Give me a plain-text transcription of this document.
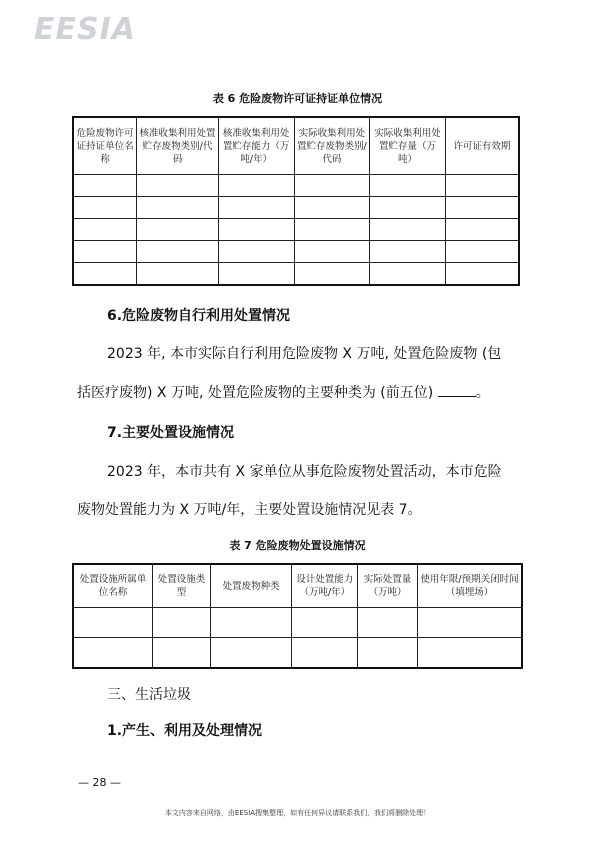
EESIA
表 6 危险废物许可证持证单位情况
危险废物许可证持证单位名称	核准收集利用处置贮存废物类别/代码	核准收集利用处置贮存能力（万吨/年）	实际收集利用处置贮存废物类别/代码	实际收集利用处置贮存量（万吨）	许可证有效期

6.危险废物自行利用处置情况
2023 年, 本市实际自行利用危险废物 X 万吨, 处置危险废物 (包
括医疗废物) X 万吨, 处置危险废物的主要种类为 (前五位)	。
7.主要处置设施情况
2023 年，本市共有 X 家单位从事危险废物处置活动，本市危险
废物处置能力为 X 万吨/年，主要处置设施情况见表 7。
表 7 危险废物处置设施情况
处置设施所属单位名称	处置设施类型	处置废物种类	设计处置能力（万吨/年）	实际处置量（万吨）	使用年限/预期关闭时间（填埋场）

三、生活垃圾
1.产生、利用及处理情况
— 28 —
本文内容来自网络，由EESIA搜集整理，如有任何异议请联系我们，我们将删除处理！
